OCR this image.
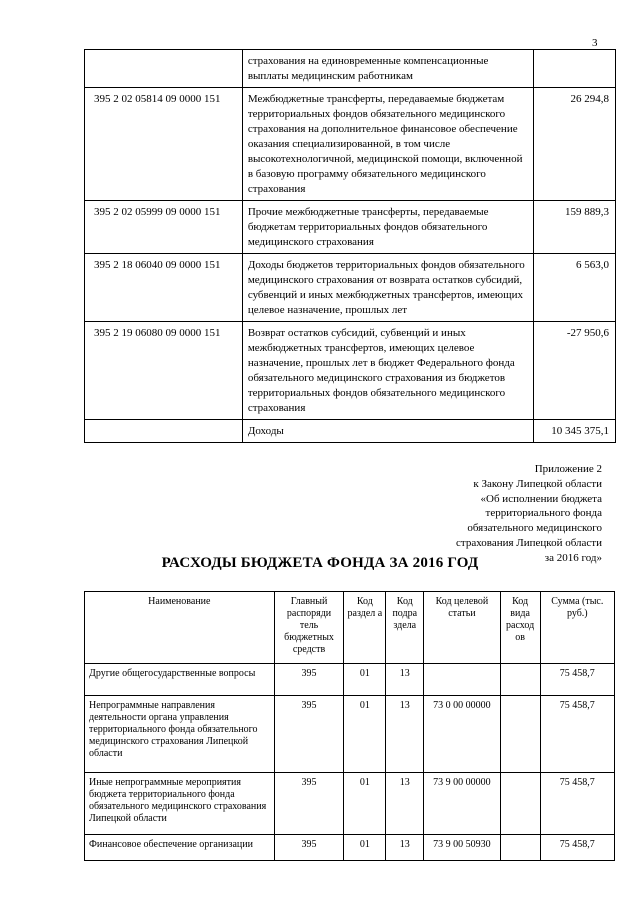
3
	страхования на единовременные компенсационные выплаты медицинским работникам	
395 2 02 05814 09 0000 151	Межбюджетные трансферты, передаваемые бюджетам территориальных фондов обязательного медицинского страхования на дополнительное финансовое обеспечение оказания специализированной, в том числе высокотехнологичной, медицинской помощи, включенной в базовую программу обязательного медицинского страхования	26 294,8
395 2 02 05999 09 0000 151	Прочие межбюджетные трансферты, передаваемые бюджетам территориальных фондов обязательного медицинского страхования	159 889,3
395 2 18 06040 09 0000 151	Доходы бюджетов территориальных фондов обязательного медицинского страхования от возврата остатков субсидий, субвенций и иных межбюджетных трансфертов, имеющих целевое назначение, прошлых лет	6 563,0
395 2 19 06080 09 0000 151	Возврат остатков субсидий, субвенций и иных межбюджетных трансфертов, имеющих целевое назначение, прошлых лет в бюджет Федерального фонда обязательного медицинского страхования из бюджетов территориальных фондов обязательного медицинского страхования	-27 950,6
	Доходы	10 345 375,1
Приложение 2
к Закону Липецкой области
«Об исполнении бюджета
территориального фонда
обязательного медицинского
страхования Липецкой области
за 2016 год»
РАСХОДЫ БЮДЖЕТА ФОНДА ЗА 2016 ГОД
Наименование	Главный распоряди тель бюджетных средств	Код раздел а	Код подра здела	Код целевой статьи	Код вида расход ов	Сумма (тыс. руб.)
Другие общегосударственные вопросы	395	01	13			75 458,7
Непрограммные направления деятельности органа управления территориального фонда обязательного медицинского страхования Липецкой области	395	01	13	73 0 00 00000		75 458,7
Иные непрограммные мероприятия бюджета территориального фонда обязательного медицинского страхования Липецкой области	395	01	13	73 9 00 00000		75 458,7
Финансовое обеспечение организации	395	01	13	73 9 00 50930		75 458,7
